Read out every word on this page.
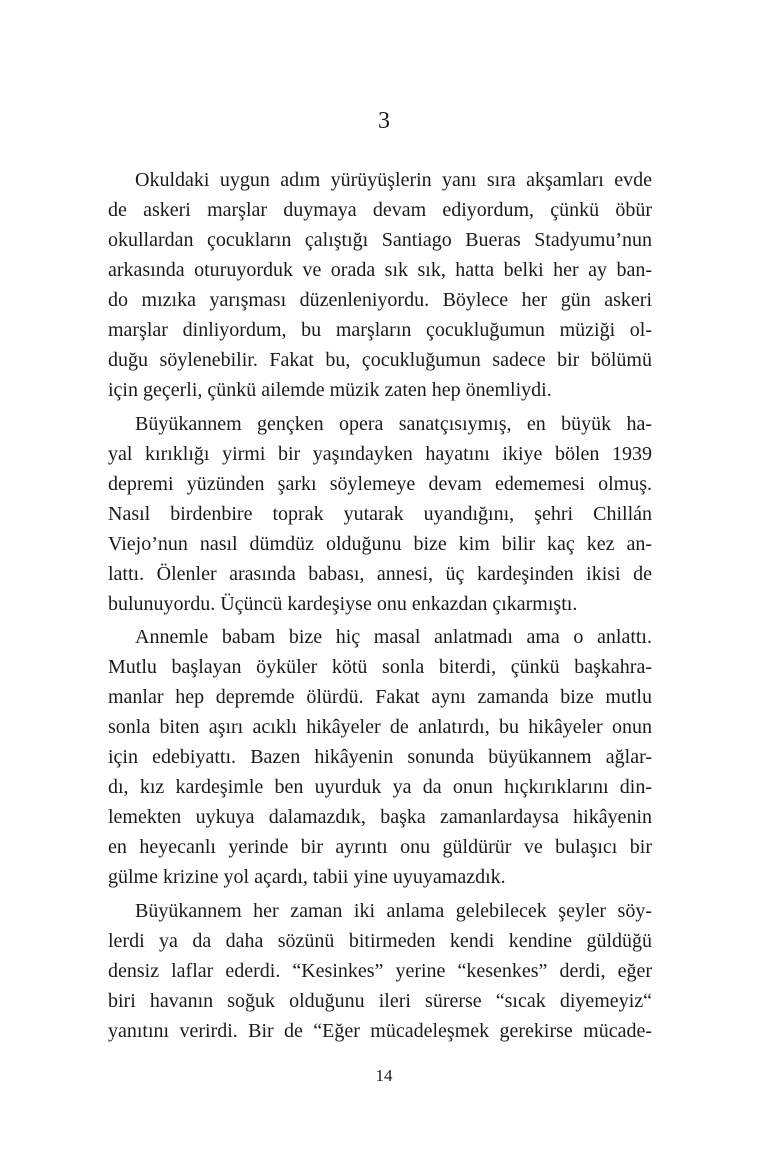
3
Okuldaki uygun adım yürüyüşlerin yanı sıra akşamları evde
de askeri marşlar duymaya devam ediyordum, çünkü öbür
okullardan çocukların çalıştığı Santiago Bueras Stadyumu’nun
arkasında oturuyorduk ve orada sık sık, hatta belki her ay ban-
do mızıka yarışması düzenleniyordu. Böylece her gün askeri
marşlar dinliyordum, bu marşların çocukluğumun müziği ol-
duğu söylenebilir. Fakat bu, çocukluğumun sadece bir bölümü
için geçerli, çünkü ailemde müzik zaten hep önemliydi.
Büyükannem gençken opera sanatçısıymış, en büyük ha-
yal kırıklığı yirmi bir yaşındayken hayatını ikiye bölen 1939
depremi yüzünden şarkı söylemeye devam edememesi olmuş.
Nasıl birdenbire toprak yutarak uyandığını, şehri Chillán
Viejo’nun nasıl dümdüz olduğunu bize kim bilir kaç kez an-
lattı. Ölenler arasında babası, annesi, üç kardeşinden ikisi de
bulunuyordu. Üçüncü kardeşiyse onu enkazdan çıkarmıştı.
Annemle babam bize hiç masal anlatmadı ama o anlattı.
Mutlu başlayan öyküler kötü sonla biterdi, çünkü başkahra-
manlar hep depremde ölürdü. Fakat aynı zamanda bize mutlu
sonla biten aşırı acıklı hikâyeler de anlatırdı, bu hikâyeler onun
için edebiyattı. Bazen hikâyenin sonunda büyükannem ağlar-
dı, kız kardeşimle ben uyurduk ya da onun hıçkırıklarını din-
lemekten uykuya dalamazdık, başka zamanlardaysa hikâyenin
en heyecanlı yerinde bir ayrıntı onu güldürür ve bulaşıcı bir
gülme krizine yol açardı, tabii yine uyuyamazdık.
Büyükannem her zaman iki anlama gelebilecek şeyler söy-
lerdi ya da daha sözünü bitirmeden kendi kendine güldüğü
densiz laflar ederdi. “Kesinkes” yerine “kesenkes” derdi, eğer
biri havanın soğuk olduğunu ileri sürerse “sıcak diyemeyiz“
yanıtını verirdi. Bir de “Eğer mücadeleşmek gerekirse mücade-
14
